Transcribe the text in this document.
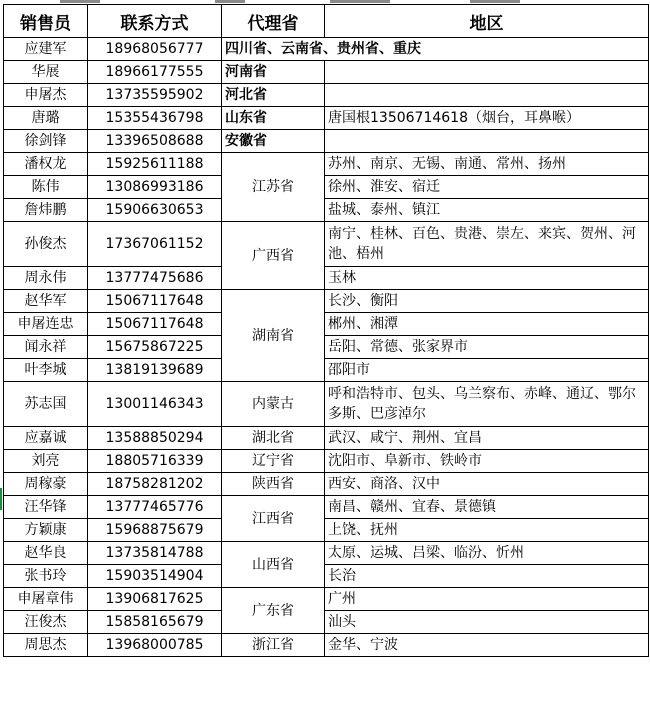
销售员	联系方式	代理省	地区
应建军	18968056777	四川省、云南省、贵州省、重庆	
华展	18966177555	河南省	
申屠杰	13735595902	河北省	
唐璐	15355436798	山东省	唐国根13506714618（烟台，耳鼻喉）
徐剑锋	13396508688	安徽省	
潘权龙	15925611188	江苏省	苏州、南京、无锡、南通、常州、扬州
陈伟	13086993186		徐州、淮安、宿迁
詹炜鹏	15906630653		盐城、泰州、镇江
孙俊杰	17367061152	广西省	南宁、桂林、百色、贵港、崇左、来宾、贺州、河池、梧州
周永伟	13777475686		玉林
赵华军	15067117648	湖南省	长沙、衡阳
申屠连忠	15067117648		郴州、湘潭
闻永祥	15675867225		岳阳、常德、张家界市
叶李城	13819139689		邵阳市
苏志国	13001146343	内蒙古	呼和浩特市、包头、乌兰察布、赤峰、通辽、鄂尔多斯、巴彦淖尔
应嘉诚	13588850294	湖北省	武汉、咸宁、荆州、宜昌
刘亮	18805716339	辽宁省	沈阳市、阜新市、铁岭市
周稼豪	18758281202	陕西省	西安、商洛、汉中
汪华锋	13777465776	江西省	南昌、赣州、宜春、景德镇
方颖康	15968875679		上饶、抚州
赵华良	13735814788	山西省	太原、运城、吕梁、临汾、忻州
张书玲	15903514904		长治
申屠章伟	13906817625	广东省	广州
汪俊杰	15858165679		汕头
周思杰	13968000785	浙江省	金华、宁波
